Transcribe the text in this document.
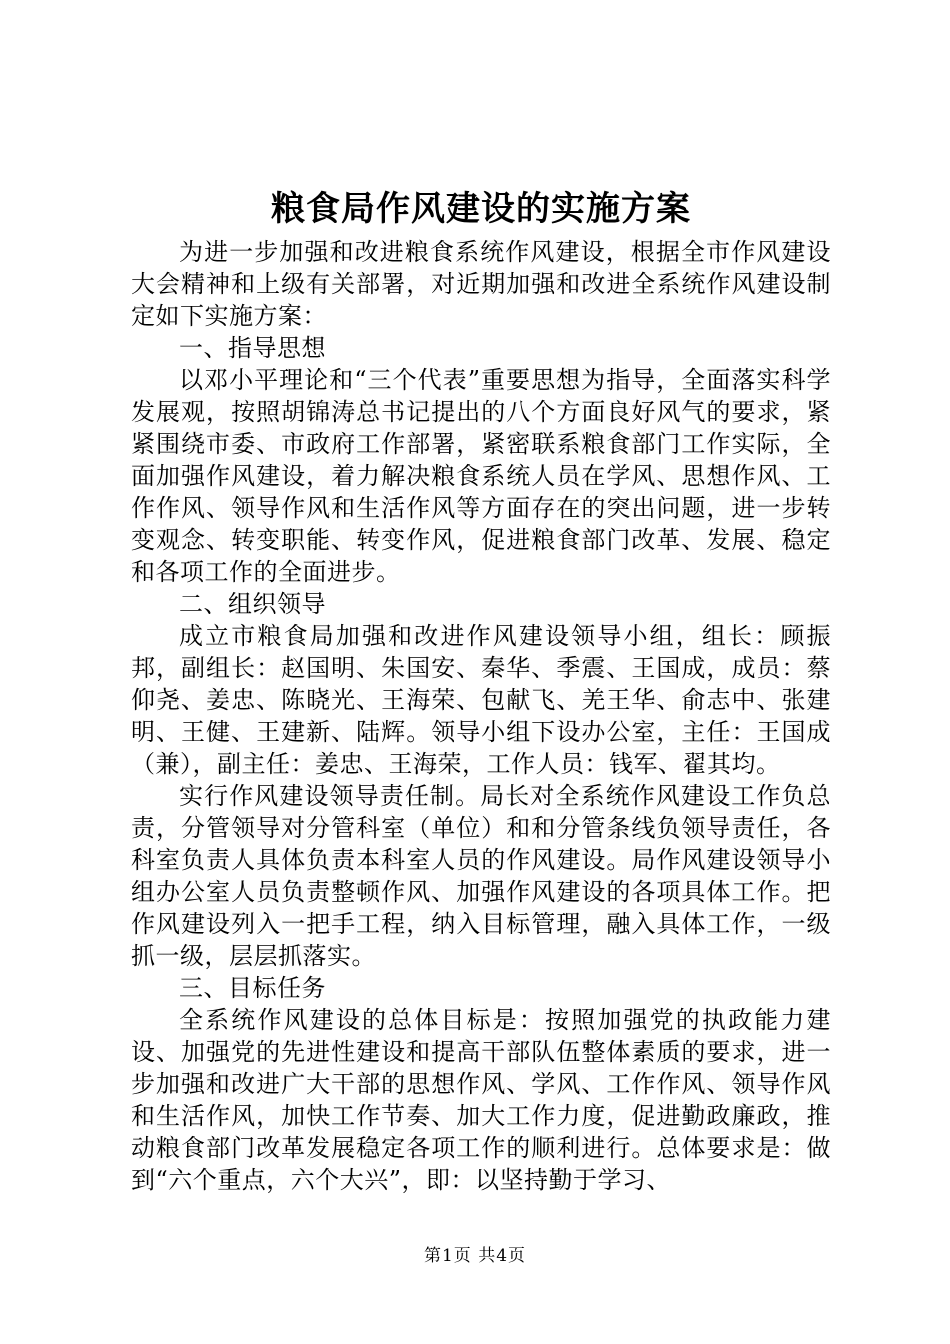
粮食局作风建设的实施方案

为进一步加强和改进粮食系统作风建设，根据全市作风建设大会精神和上级有关部署，对近期加强和改进全系统作风建设制定如下实施方案：

一、指导思想

以邓小平理论和“三个代表”重要思想为指导，全面落实科学发展观，按照胡锦涛总书记提出的八个方面良好风气的要求，紧紧围绕市委、市政府工作部署，紧密联系粮食部门工作实际，全面加强作风建设，着力解决粮食系统人员在学风、思想作风、工作作风、领导作风和生活作风等方面存在的突出问题，进一步转变观念、转变职能、转变作风，促进粮食部门改革、发展、稳定和各项工作的全面进步。

二、组织领导

成立市粮食局加强和改进作风建设领导小组，组长：顾振邦，副组长：赵国明、朱国安、秦华、季震、王国成，成员：蔡仰尧、姜忠、陈晓光、王海荣、包献飞、羌王华、俞志中、张建明、王健、王建新、陆辉。领导小组下设办公室，主任：王国成（兼），副主任：姜忠、王海荣，工作人员：钱军、翟其均。

实行作风建设领导责任制。局长对全系统作风建设工作负总责，分管领导对分管科室（单位）和和分管条线负领导责任，各科室负责人具体负责本科室人员的作风建设。局作风建设领导小组办公室人员负责整顿作风、加强作风建设的各项具体工作。把作风建设列入一把手工程，纳入目标管理，融入具体工作，一级抓一级，层层抓落实。

三、目标任务

全系统作风建设的总体目标是：按照加强党的执政能力建设、加强党的先进性建设和提高干部队伍整体素质的要求，进一步加强和改进广大干部的思想作风、学风、工作作风、领导作风和生活作风，加快工作节奏、加大工作力度，促进勤政廉政，推动粮食部门改革发展稳定各项工作的顺利进行。总体要求是：做到“六个重点，六个大兴”，即：以坚持勤于学习、

第1页 共4页
